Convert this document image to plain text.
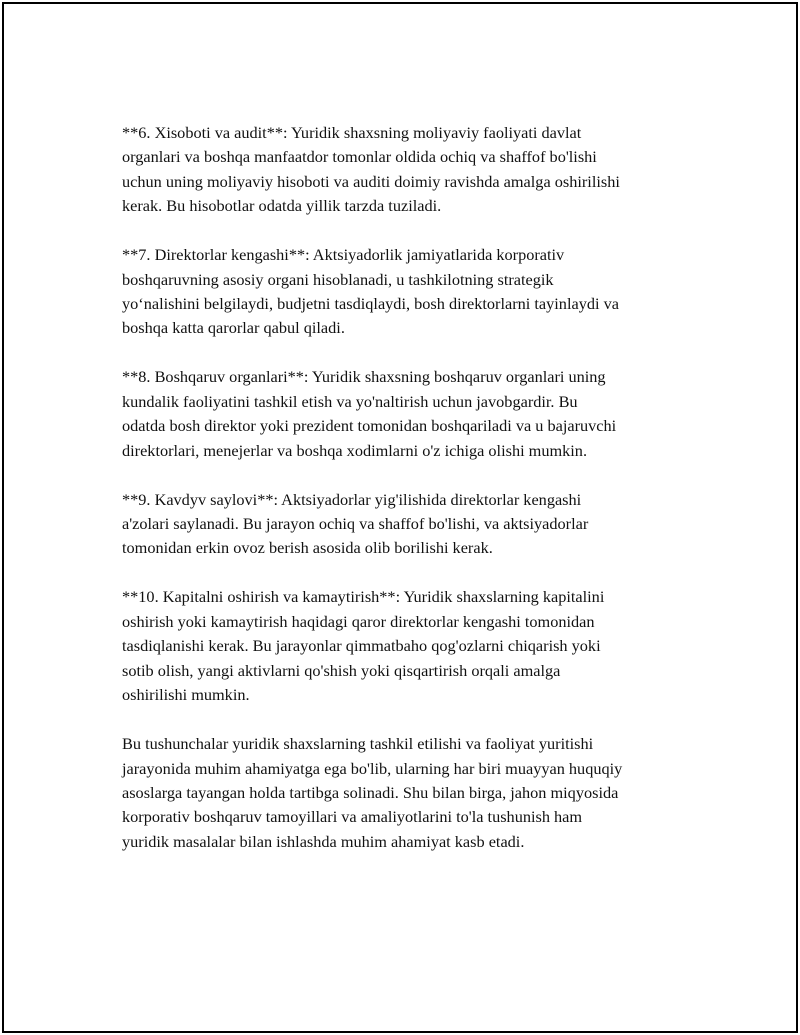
**6. Xisoboti va audit**: Yuridik shaxsning moliyaviy faoliyati davlat
organlari va boshqa manfaatdor tomonlar oldida ochiq va shaffof bo'lishi
uchun uning moliyaviy hisoboti va auditi doimiy ravishda amalga oshirilishi
kerak. Bu hisobotlar odatda yillik tarzda tuziladi.

**7. Direktorlar kengashi**: Aktsiyadorlik jamiyatlarida korporativ
boshqaruvning asosiy organi hisoblanadi, u tashkilotning strategik
yo‘nalishini belgilaydi, budjetni tasdiqlaydi, bosh direktorlarni tayinlaydi va
boshqa katta qarorlar qabul qiladi.

**8. Boshqaruv organlari**: Yuridik shaxsning boshqaruv organlari uning
kundalik faoliyatini tashkil etish va yo'naltirish uchun javobgardir. Bu
odatda bosh direktor yoki prezident tomonidan boshqariladi va u bajaruvchi
direktorlari, menejerlar va boshqa xodimlarni o'z ichiga olishi mumkin.

**9. Kavdyv saylovi**: Aktsiyadorlar yig'ilishida direktorlar kengashi
a'zolari saylanadi. Bu jarayon ochiq va shaffof bo'lishi, va aktsiyadorlar
tomonidan erkin ovoz berish asosida olib borilishi kerak.

**10. Kapitalni oshirish va kamaytirish**: Yuridik shaxslarning kapitalini
oshirish yoki kamaytirish haqidagi qaror direktorlar kengashi tomonidan
tasdiqlanishi kerak. Bu jarayonlar qimmatbaho qog'ozlarni chiqarish yoki
sotib olish, yangi aktivlarni qo'shish yoki qisqartirish orqali amalga
oshirilishi mumkin.

Bu tushunchalar yuridik shaxslarning tashkil etilishi va faoliyat yuritishi
jarayonida muhim ahamiyatga ega bo'lib, ularning har biri muayyan huquqiy
asoslarga tayangan holda tartibga solinadi. Shu bilan birga, jahon miqyosida
korporativ boshqaruv tamoyillari va amaliyotlarini to'la tushunish ham
yuridik masalalar bilan ishlashda muhim ahamiyat kasb etadi.
